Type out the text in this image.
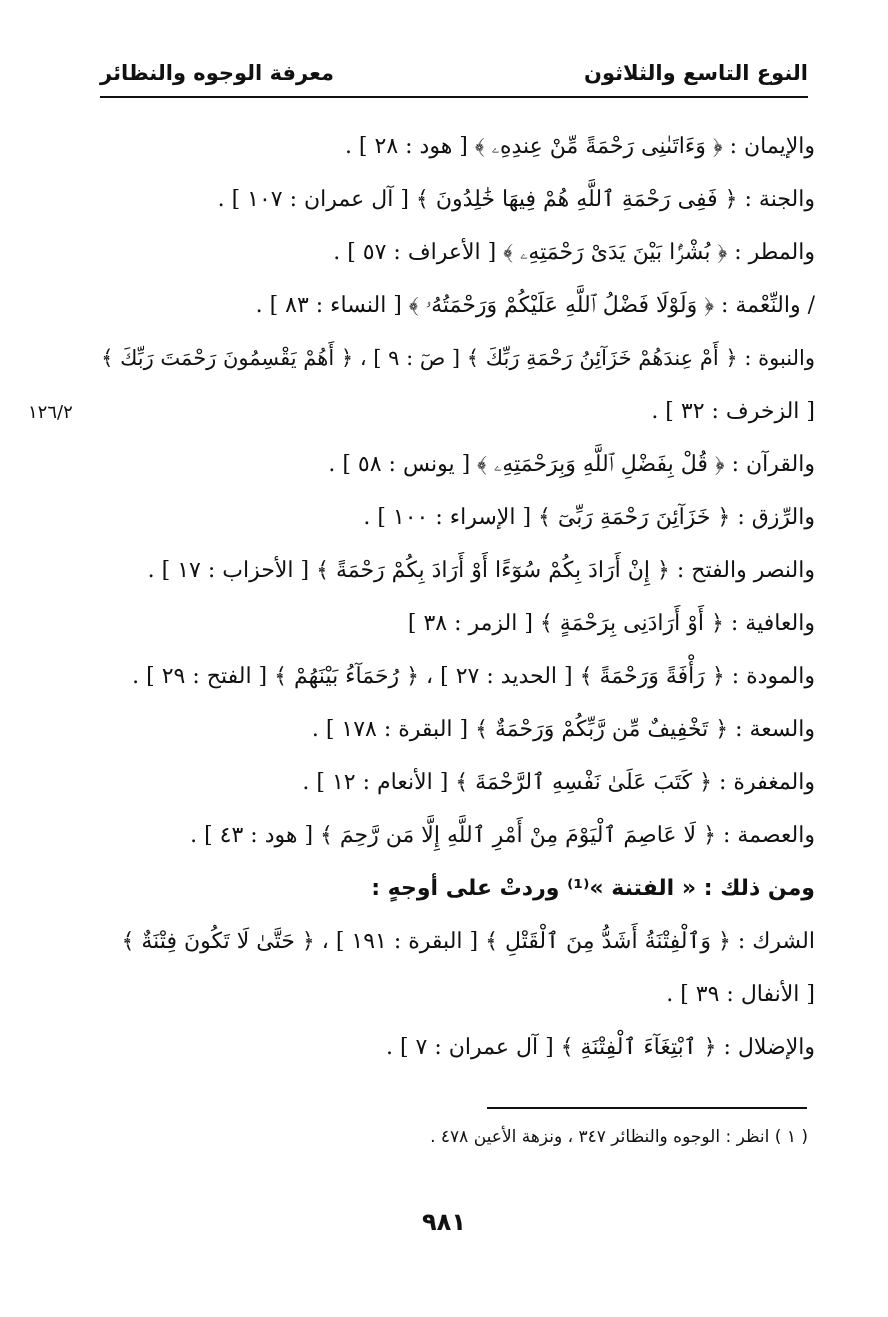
النوع التاسع والثلاثون
معرفة الوجوه والنظائر
والإيمان : ﴿ وَءَاتَىٰنِى رَحْمَةً مِّنْ عِندِهِۦ ﴾ [ هود : ٢٨ ] .
والجنة : ﴿ فَفِى رَحْمَةِ ٱللَّهِ هُمْ فِيهَا خَٰلِدُونَ ﴾ [ آل عمران : ١٠٧ ] .
والمطر : ﴿ بُشْرًۢا بَيْنَ يَدَىْ رَحْمَتِهِۦ ﴾ [ الأعراف : ٥٧ ] .
/ والنِّعْمة : ﴿ وَلَوْلَا فَضْلُ ٱللَّهِ عَلَيْكُمْ وَرَحْمَتُهُۥ ﴾ [ النساء : ٨٣ ] .
والنبوة : ﴿ أَمْ عِندَهُمْ خَزَآئِنُ رَحْمَةِ رَبِّكَ ﴾ [ صٓ : ٩ ] ، ﴿ أَهُمْ يَقْسِمُونَ رَحْمَتَ رَبِّكَ ﴾
[ الزخرف : ٣٢ ] .
والقرآن : ﴿ قُلْ بِفَضْلِ ٱللَّهِ وَبِرَحْمَتِهِۦ ﴾ [ يونس : ٥٨ ] .
والرِّزق : ﴿ خَزَآئِنَ رَحْمَةِ رَبِّىٓ ﴾ [ الإسراء : ١٠٠ ] .
والنصر والفتح : ﴿ إِنْ أَرَادَ بِكُمْ سُوٓءًا أَوْ أَرَادَ بِكُمْ رَحْمَةً ﴾ [ الأحزاب : ١٧ ] .
والعافية : ﴿ أَوْ أَرَادَنِى بِرَحْمَةٍ ﴾ [ الزمر : ٣٨ ]
والمودة : ﴿ رَأْفَةً وَرَحْمَةً ﴾ [ الحديد : ٢٧ ] ، ﴿ رُحَمَآءُ بَيْنَهُمْ ﴾ [ الفتح : ٢٩ ] .
والسعة : ﴿ تَخْفِيفٌ مِّن رَّبِّكُمْ وَرَحْمَةٌ ﴾ [ البقرة : ١٧٨ ] .
والمغفرة : ﴿ كَتَبَ عَلَىٰ نَفْسِهِ ٱلرَّحْمَةَ ﴾ [ الأنعام : ١٢ ] .
والعصمة : ﴿ لَا عَاصِمَ ٱلْيَوْمَ مِنْ أَمْرِ ٱللَّهِ إِلَّا مَن رَّحِمَ ﴾ [ هود : ٤٣ ] .
ومن ذلك : « الفتنة »⁽¹⁾ وردتْ على أوجهٍ :
الشرك : ﴿ وَٱلْفِتْنَةُ أَشَدُّ مِنَ ٱلْقَتْلِ ﴾ [ البقرة : ١٩١ ] ، ﴿ حَتَّىٰ لَا تَكُونَ فِتْنَةٌ ﴾
[ الأنفال : ٣٩ ] .
والإضلال : ﴿ ٱبْتِغَآءَ ٱلْفِتْنَةِ ﴾ [ آل عمران : ٧ ] .
١٢٦/٢
( ١ ) انظر : الوجوه والنظائر ٣٤٧ ، ونزهة الأعين ٤٧٨ .
٩٨١
